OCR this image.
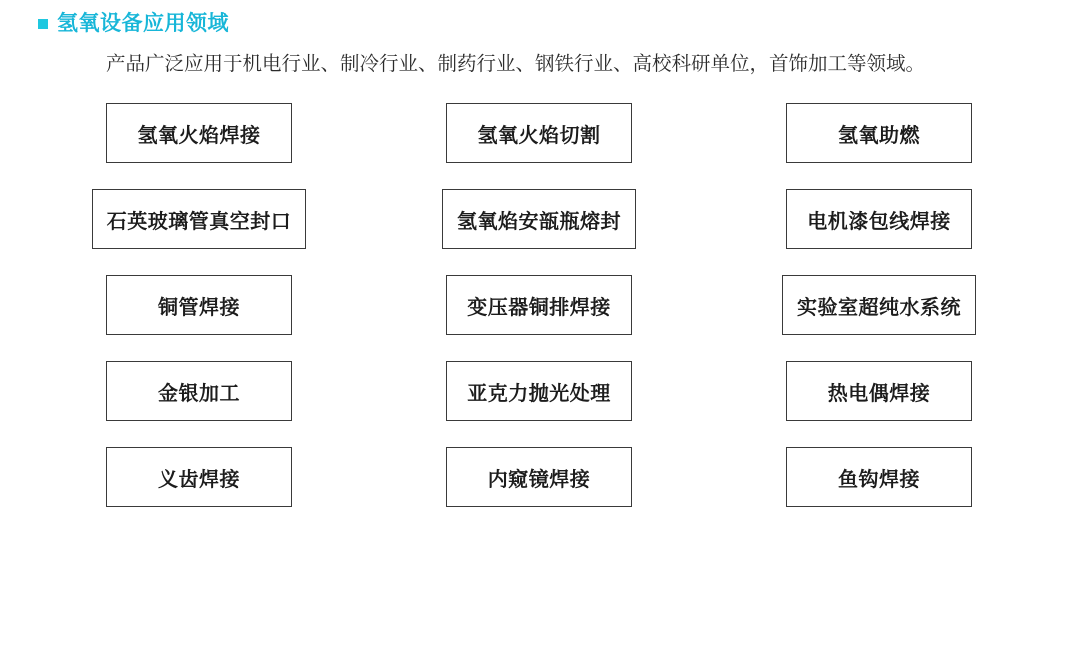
氢氧设备应用领域

产品广泛应用于机电行业、制冷行业、制药行业、钢铁行业、高校科研单位，首饰加工等领域。

氢氧火焰焊接	氢氧火焰切割	氢氧助燃
石英玻璃管真空封口	氢氧焰安瓿瓶熔封	电机漆包线焊接
铜管焊接	变压器铜排焊接	实验室超纯水系统
金银加工	亚克力抛光处理	热电偶焊接
义齿焊接	内窥镜焊接	鱼钩焊接
